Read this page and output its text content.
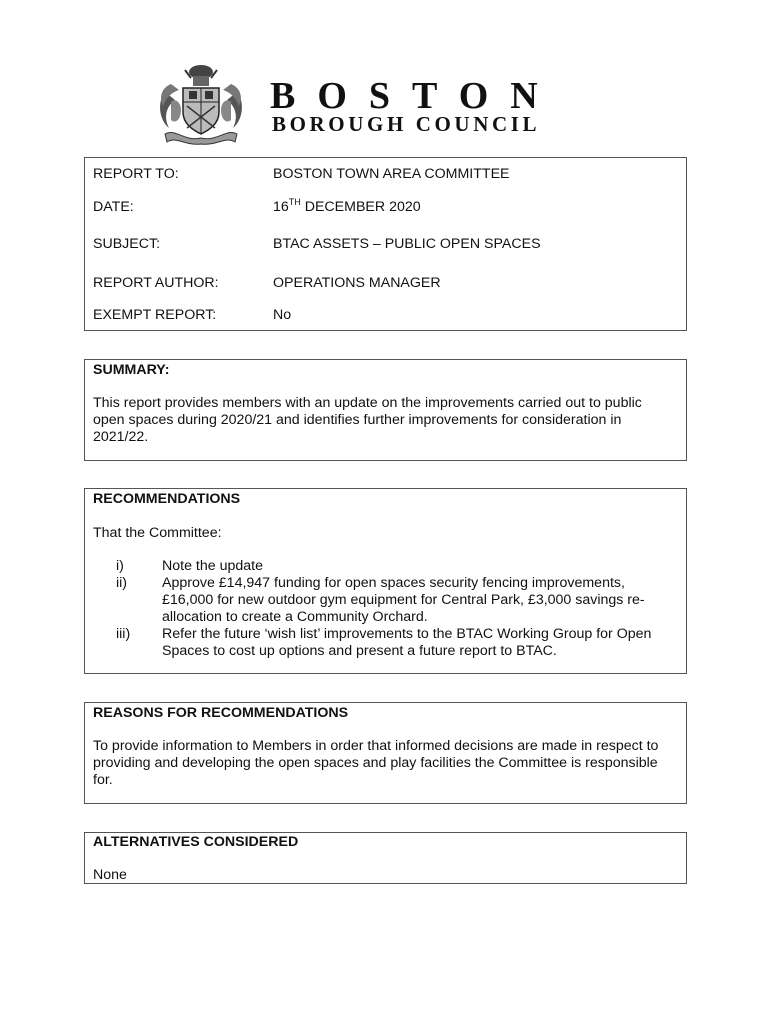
BOSTON
BOROUGH COUNCIL
REPORT TO:	BOSTON TOWN AREA COMMITTEE
DATE:	16TH DECEMBER 2020
SUBJECT:	BTAC ASSETS – PUBLIC OPEN SPACES
REPORT AUTHOR:	OPERATIONS MANAGER
EXEMPT REPORT:	No
SUMMARY:
This report provides members with an update on the improvements carried out to public open spaces during 2020/21 and identifies further improvements for consideration in 2021/22.
RECOMMENDATIONS
That the Committee:
i)	Note the update
ii)	Approve £14,947 funding for open spaces security fencing improvements, £16,000 for new outdoor gym equipment for Central Park, £3,000 savings re-allocation to create a Community Orchard.
iii)	Refer the future ‘wish list’ improvements to the BTAC Working Group for Open Spaces to cost up options and present a future report to BTAC.
REASONS FOR RECOMMENDATIONS
To provide information to Members in order that informed decisions are made in respect to providing and developing the open spaces and play facilities the Committee is responsible for.
ALTERNATIVES CONSIDERED
None
